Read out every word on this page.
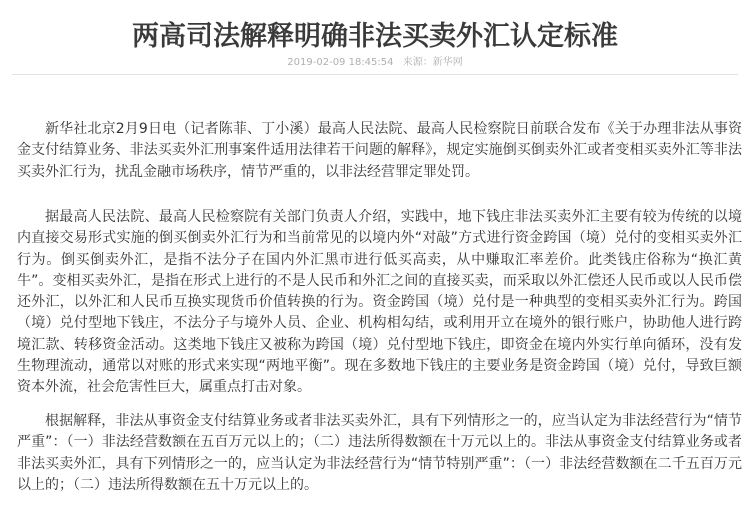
两高司法解释明确非法买卖外汇认定标准
2019-02-09 18:45:54 来源：新华网

新华社北京2月9日电（记者陈菲、丁小溪）最高人民法院、最高人民检察院日前联合发布《关于办理非法从事资金支付结算业务、非法买卖外汇刑事案件适用法律若干问题的解释》，规定实施倒买倒卖外汇或者变相买卖外汇等非法买卖外汇行为，扰乱金融市场秩序，情节严重的，以非法经营罪定罪处罚。

据最高人民法院、最高人民检察院有关部门负责人介绍，实践中，地下钱庄非法买卖外汇主要有较为传统的以境内直接交易形式实施的倒买倒卖外汇行为和当前常见的以境内外“对敲”方式进行资金跨国（境）兑付的变相买卖外汇行为。倒买倒卖外汇，是指不法分子在国内外汇黑市进行低买高卖，从中赚取汇率差价。此类钱庄俗称为“换汇黄牛”。变相买卖外汇，是指在形式上进行的不是人民币和外汇之间的直接买卖，而采取以外汇偿还人民币或以人民币偿还外汇，以外汇和人民币互换实现货币价值转换的行为。资金跨国（境）兑付是一种典型的变相买卖外汇行为。跨国（境）兑付型地下钱庄，不法分子与境外人员、企业、机构相勾结，或利用开立在境外的银行账户，协助他人进行跨境汇款、转移资金活动。这类地下钱庄又被称为跨国（境）兑付型地下钱庄，即资金在境内外实行单向循环，没有发生物理流动，通常以对账的形式来实现“两地平衡”。现在多数地下钱庄的主要业务是资金跨国（境）兑付，导致巨额资本外流，社会危害性巨大，属重点打击对象。

根据解释，非法从事资金支付结算业务或者非法买卖外汇，具有下列情形之一的，应当认定为非法经营行为“情节严重”：（一）非法经营数额在五百万元以上的；（二）违法所得数额在十万元以上的。非法从事资金支付结算业务或者非法买卖外汇，具有下列情形之一的，应当认定为非法经营行为“情节特别严重”：（一）非法经营数额在二千五百万元以上的；（二）违法所得数额在五十万元以上的。
